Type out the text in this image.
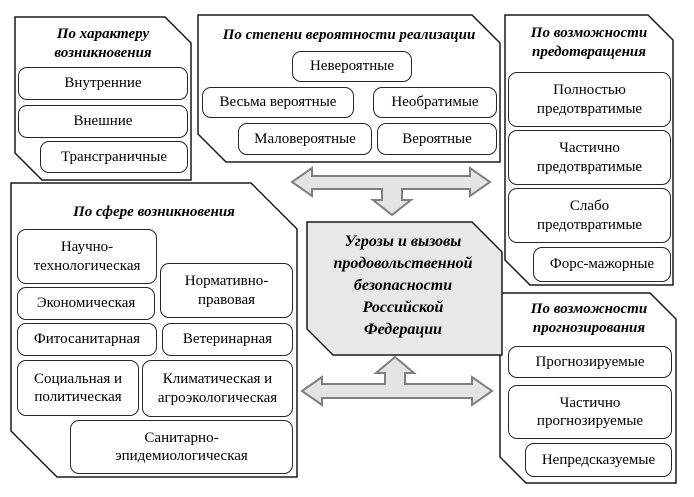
По характеру возникновения
Внутренние
Внешние
Трансграничные
По степени вероятности реализации
Невероятные
Весьма вероятные	Необратимые
Маловероятные	Вероятные
По возможности предотвращения
Полностью предотвратимые
Частично предотвратимые
Слабо предотвратимые
Форс-мажорные
По сфере возникновения
Научно-технологическая
Нормативно-правовая
Экономическая
Фитосанитарная	Ветеринарная
Социальная и политическая
Климатическая и агроэкологическая
Санитарно-эпидемиологическая
По возможности прогнозирования
Прогнозируемые
Частично прогнозируемые
Непредсказуемые
Угрозы и вызовы
продовольственной
безопасности
Российской
Федерации
